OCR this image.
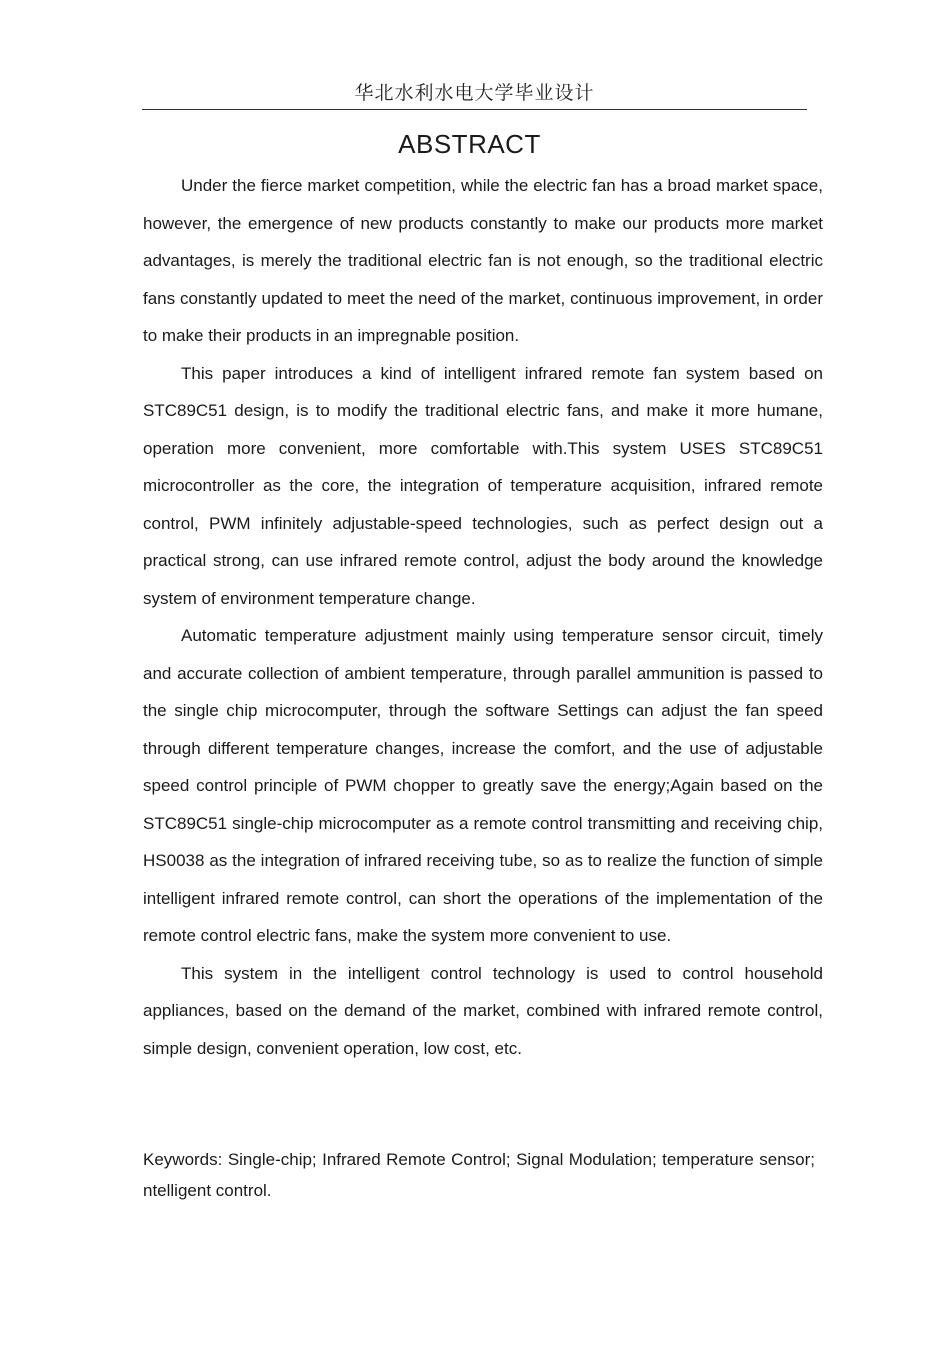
华北水利水电大学毕业设计
ABSTRACT

Under the fierce market competition, while the electric fan has a broad market space, however, the emergence of new products constantly to make our products more market advantages, is merely the traditional electric fan is not enough, so the traditional electric fans constantly updated to meet the need of the market, continuous improvement, in order to make their products in an impregnable position.

This paper introduces a kind of intelligent infrared remote fan system based on STC89C51 design, is to modify the traditional electric fans, and make it more humane, operation more convenient, more comfortable with.This system USES STC89C51 microcontroller as the core, the integration of temperature acquisition, infrared remote control, PWM infinitely adjustable-speed technologies, such as perfect design out a practical strong, can use infrared remote control, adjust the body around the knowledge system of environment temperature change.

Automatic temperature adjustment mainly using temperature sensor circuit, timely and accurate collection of ambient temperature, through parallel ammunition is passed to the single chip microcomputer, through the software Settings can adjust the fan speed through different temperature changes, increase the comfort, and the use of adjustable speed control principle of PWM chopper to greatly save the energy;Again based on the STC89C51 single-chip microcomputer as a remote control transmitting and receiving chip, HS0038 as the integration of infrared receiving tube, so as to realize the function of simple intelligent infrared remote control, can short the operations of the implementation of the remote control electric fans, make the system more convenient to use.

This system in the intelligent control technology is used to control household appliances, based on the demand of the market, combined with infrared remote control, simple design, convenient operation, low cost, etc.

Keywords: Single-chip; Infrared Remote Control; Signal Modulation; temperature sensor; ntelligent control.
